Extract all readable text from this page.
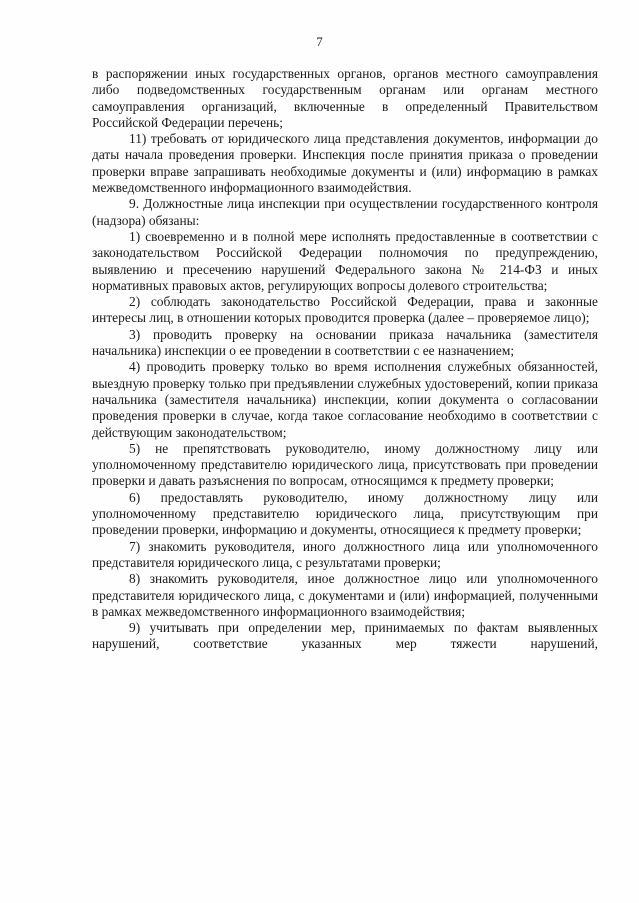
7

в распоряжении иных государственных органов, органов местного самоуправления либо подведомственных государственным органам или органам местного самоуправления организаций, включенные в определенный Правительством Российской Федерации перечень;

11) требовать от юридического лица представления документов, информации до даты начала проведения проверки. Инспекция после принятия приказа о проведении проверки вправе запрашивать необходимые документы и (или) информацию в рамках межведомственного информационного взаимодействия.

9. Должностные лица инспекции при осуществлении государственного контроля (надзора) обязаны:

1) своевременно и в полной мере исполнять предоставленные в соответствии с законодательством Российской Федерации полномочия по предупреждению, выявлению и пресечению нарушений Федерального закона № 214-ФЗ и иных нормативных правовых актов, регулирующих вопросы долевого строительства;

2) соблюдать законодательство Российской Федерации, права и законные интересы лиц, в отношении которых проводится проверка (далее – проверяемое лицо);

3) проводить проверку на основании приказа начальника (заместителя начальника) инспекции о ее проведении в соответствии с ее назначением;

4) проводить проверку только во время исполнения служебных обязанностей, выездную проверку только при предъявлении служебных удостоверений, копии приказа начальника (заместителя начальника) инспекции, копии документа о согласовании проведения проверки в случае, когда такое согласование необходимо в соответствии с действующим законодательством;

5) не препятствовать руководителю, иному должностному лицу или уполномоченному представителю юридического лица, присутствовать при проведении проверки и давать разъяснения по вопросам, относящимся к предмету проверки;

6) предоставлять руководителю, иному должностному лицу или уполномоченному представителю юридического лица, присутствующим при проведении проверки, информацию и документы, относящиеся к предмету проверки;

7) знакомить руководителя, иного должностного лица или уполномоченного представителя юридического лица, с результатами проверки;

8) знакомить руководителя, иное должностное лицо или уполномоченного представителя юридического лица, с документами и (или) информацией, полученными в рамках межведомственного информационного взаимодействия;

9) учитывать при определении мер, принимаемых по фактам выявленных нарушений, соответствие указанных мер тяжести нарушений,
